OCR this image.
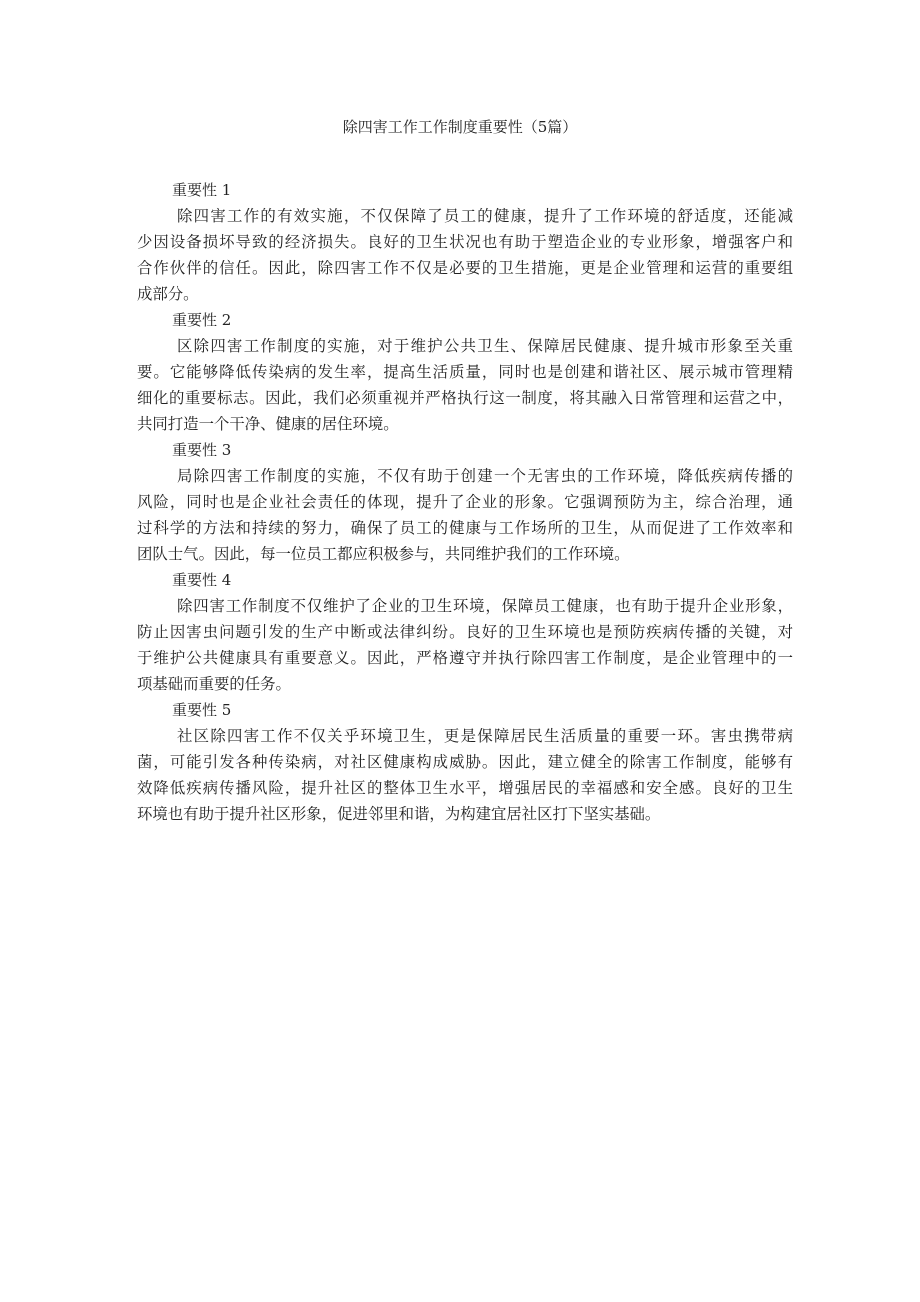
除四害工作工作制度重要性（5篇）
重要性 1
除四害工作的有效实施，不仅保障了员工的健康，提升了工作环境的舒适度，还能减
少因设备损坏导致的经济损失。良好的卫生状况也有助于塑造企业的专业形象，增强客户和
合作伙伴的信任。因此，除四害工作不仅是必要的卫生措施，更是企业管理和运营的重要组
成部分。
重要性 2
区除四害工作制度的实施，对于维护公共卫生、保障居民健康、提升城市形象至关重
要。它能够降低传染病的发生率，提高生活质量，同时也是创建和谐社区、展示城市管理精
细化的重要标志。因此，我们必须重视并严格执行这一制度，将其融入日常管理和运营之中，
共同打造一个干净、健康的居住环境。
重要性 3
局除四害工作制度的实施，不仅有助于创建一个无害虫的工作环境，降低疾病传播的
风险，同时也是企业社会责任的体现，提升了企业的形象。它强调预防为主，综合治理，通
过科学的方法和持续的努力，确保了员工的健康与工作场所的卫生，从而促进了工作效率和
团队士气。因此，每一位员工都应积极参与，共同维护我们的工作环境。
重要性 4
除四害工作制度不仅维护了企业的卫生环境，保障员工健康，也有助于提升企业形象，
防止因害虫问题引发的生产中断或法律纠纷。良好的卫生环境也是预防疾病传播的关键，对
于维护公共健康具有重要意义。因此，严格遵守并执行除四害工作制度，是企业管理中的一
项基础而重要的任务。
重要性 5
社区除四害工作不仅关乎环境卫生，更是保障居民生活质量的重要一环。害虫携带病
菌，可能引发各种传染病，对社区健康构成威胁。因此，建立健全的除害工作制度，能够有
效降低疾病传播风险，提升社区的整体卫生水平，增强居民的幸福感和安全感。良好的卫生
环境也有助于提升社区形象，促进邻里和谐，为构建宜居社区打下坚实基础。
